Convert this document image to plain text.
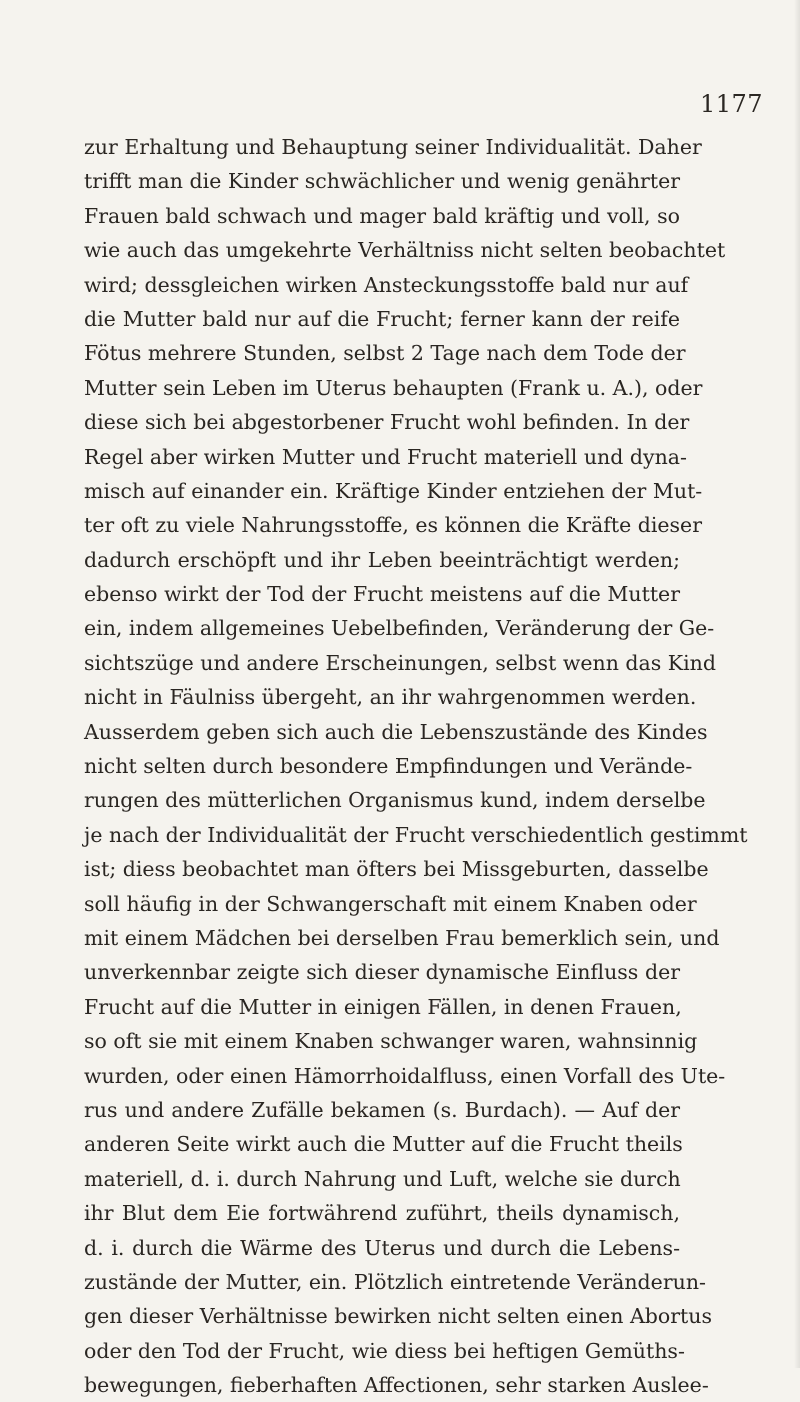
1177
zur Erhaltung und Behauptung seiner Individualität. Daher
trifft man die Kinder schwächlicher und wenig genährter
Frauen bald schwach und mager bald kräftig und voll, so
wie auch das umgekehrte Verhältniss nicht selten beobachtet
wird; dessgleichen wirken Ansteckungsstoffe bald nur auf
die Mutter bald nur auf die Frucht; ferner kann der reife
Fötus mehrere Stunden, selbst 2 Tage nach dem Tode der
Mutter sein Leben im Uterus behaupten (Frank u. A.), oder
diese sich bei abgestorbener Frucht wohl befinden. In der
Regel aber wirken Mutter und Frucht materiell und dyna-
misch auf einander ein. Kräftige Kinder entziehen der Mut-
ter oft zu viele Nahrungsstoffe, es können die Kräfte dieser
dadurch erschöpft und ihr Leben beeinträchtigt werden;
ebenso wirkt der Tod der Frucht meistens auf die Mutter
ein, indem allgemeines Uebelbefinden, Veränderung der Ge-
sichtszüge und andere Erscheinungen, selbst wenn das Kind
nicht in Fäulniss übergeht, an ihr wahrgenommen werden.
Ausserdem geben sich auch die Lebenszustände des Kindes
nicht selten durch besondere Empfindungen und Verände-
rungen des mütterlichen Organismus kund, indem derselbe
je nach der Individualität der Frucht verschiedentlich gestimmt
ist; diess beobachtet man öfters bei Missgeburten, dasselbe
soll häufig in der Schwangerschaft mit einem Knaben oder
mit einem Mädchen bei derselben Frau bemerklich sein, und
unverkennbar zeigte sich dieser dynamische Einfluss der
Frucht auf die Mutter in einigen Fällen, in denen Frauen,
so oft sie mit einem Knaben schwanger waren, wahnsinnig
wurden, oder einen Hämorrhoidalfluss, einen Vorfall des Ute-
rus und andere Zufälle bekamen (s. Burdach). — Auf der
anderen Seite wirkt auch die Mutter auf die Frucht theils
materiell, d. i. durch Nahrung und Luft, welche sie durch
ihr Blut dem Eie fortwährend zuführt, theils dynamisch,
d. i. durch die Wärme des Uterus und durch die Lebens-
zustände der Mutter, ein. Plötzlich eintretende Veränderun-
gen dieser Verhältnisse bewirken nicht selten einen Abortus
oder den Tod der Frucht, wie diess bei heftigen Gemüths-
bewegungen, fieberhaften Affectionen, sehr starken Auslee-
